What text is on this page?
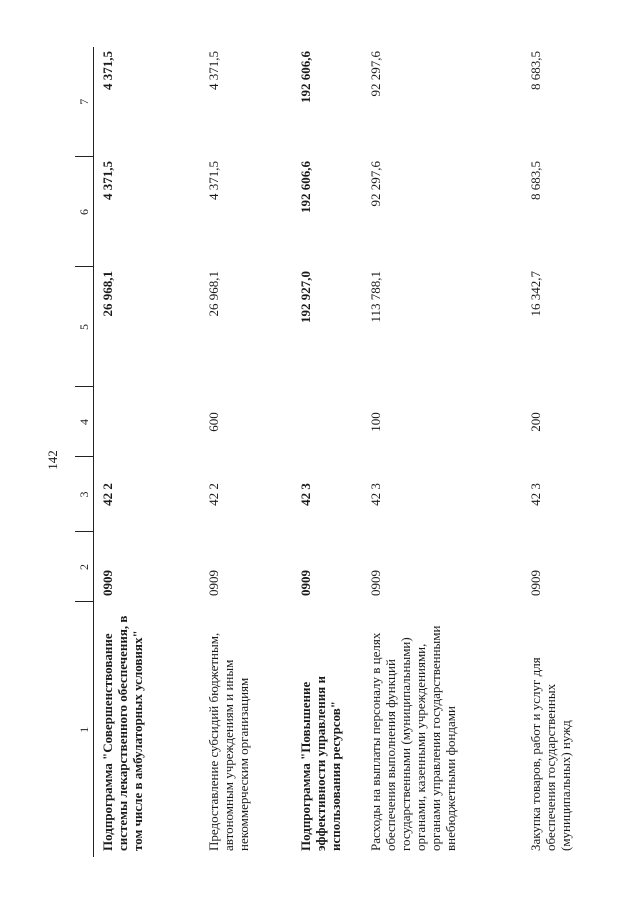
142
1	2	3	4	5	6	7
Подпрограмма "Совершенствование системы лекарственного обеспечения, в том числе в амбулаторных условиях"	0909	42 2		26 968,1	4 371,5	4 371,5
Предоставление субсидий бюджетным, автономным учреждениям и иным некоммерческим организациям	0909	42 2	600	26 968,1	4 371,5	4 371,5
Подпрограмма "Повышение эффективности управления и использования ресурсов"	0909	42 3		192 927,0	192 606,6	192 606,6
Расходы на выплаты персоналу в целях обеспечения выполнения функций государственными (муниципальными) органами, казенными учреждениями, органами управления государственными внебюджетными фондами	0909	42 3	100	113 788,1	92 297,6	92 297,6
Закупка товаров, работ и услуг для обеспечения государственных (муниципальных) нужд	0909	42 3	200	16 342,7	8 683,5	8 683,5
